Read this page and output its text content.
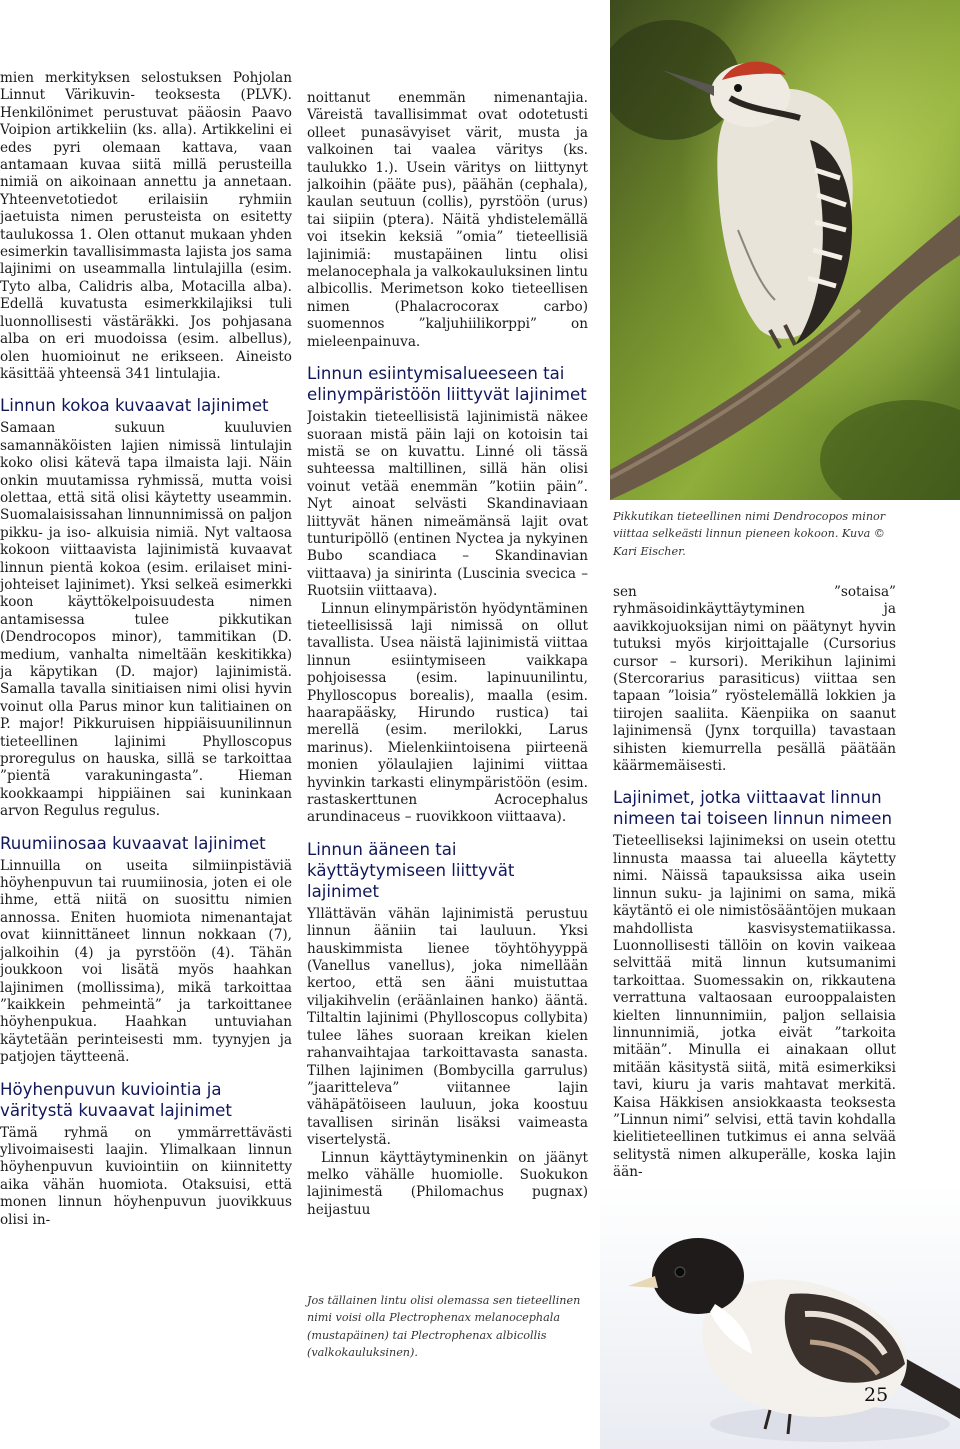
mien merkityksen selostuksen Pohjolan Linnut Värikuvin- teoksesta (PLVK). Henkilönimet perustuvat pääosin Paavo Voipion artikkeliin (ks. alla). Artikkelini ei edes pyri olemaan kattava, vaan antamaan kuvaa siitä millä perusteilla nimiä on aikoinaan annettu ja annetaan. Yhteenvetotiedot erilaisiin ryhmiin jaetuista nimen perusteista on esitetty taulukossa 1. Olen ottanut mukaan yhden esimerkin tavallisimmasta lajista jos sama lajinimi on useammalla lintulajilla (esim. Tyto alba, Calidris alba, Motacilla alba). Edellä kuvatusta esimerkkilajiksi tuli luonnollisesti västäräkki. Jos pohjasana alba on eri muodoissa (esim. albellus), olen huomioinut ne erikseen. Aineisto käsittää yhteensä 341 lintulajia.

Linnun kokoa kuvaavat lajinimet

Samaan sukuun kuuluvien samannäköisten lajien nimissä lintulajin koko olisi kätevä tapa ilmaista laji. Näin onkin muutamissa ryhmissä, mutta voisi olettaa, että sitä olisi käytetty useammin. Suomalaisissahan linnunnimissä on paljon pikku- ja iso- alkuisia nimiä. Nyt valtaosa kokoon viittaavista lajinimistä kuvaavat linnun pientä kokoa (esim. erilaiset mini-johteiset lajinimet). Yksi selkeä esimerkki koon käyttökelpoisuudesta nimen antamisessa tulee pikkutikan (Dendrocopos minor), tammitikan (D. medium, vanhalta nimeltään keskitikka) ja käpytikan (D. major) lajinimistä. Samalla tavalla sinitiaisen nimi olisi hyvin voinut olla Parus minor kun talitiainen on P. major! Pikkuruisen hippiäisuunilinnun tieteellinen lajinimi Phylloscopus proregulus on hauska, sillä se tarkoittaa ”pientä varakuningasta”. Hieman kookkaampi hippiäinen sai kuninkaan arvon Regulus regulus.

Ruumiinosaa kuvaavat lajinimet

Linnuilla on useita silmiinpistäviä höyhenpuvun tai ruumiinosia, joten ei ole ihme, että niitä on suosittu nimien annossa. Eniten huomiota nimenantajat ovat kiinnittäneet linnun nokkaan (7), jalkoihin (4) ja pyrstöön (4). Tähän joukkoon voi lisätä myös haahkan lajinimen (mollissima), mikä tarkoittaa ”kaikkein pehmeintä” ja tarkoittanee höyhenpukua. Haahkan untuviahan käytetään perinteisesti mm. tyynyjen ja patjojen täytteenä.

Höyhenpuvun kuviointia ja väritystä kuvaavat lajinimet

Tämä ryhmä on ymmärrettävästi ylivoimaisesti laajin. Ylimalkaan linnun höyhenpuvun kuviointiin on kiinnitetty aika vähän huomiota. Otaksuisi, että monen linnun höyhenpuvun juovikkuus olisi in-

noittanut enemmän nimenantajia. Väreistä tavallisimmat ovat odotetusti olleet punasävyiset värit, musta ja valkoinen tai vaalea väritys (ks. taulukko 1.). Usein väritys on liittynyt jalkoihin (pääte pus), päähän (cephala), kaulan seutuun (collis), pyrstöön (urus) tai siipiin (ptera). Näitä yhdistelemällä voi itsekin keksiä ”omia” tieteellisiä lajinimiä: mustapäinen lintu olisi melanocephala ja valkokauluksinen lintu albicollis. Merimetson koko tieteellisen nimen (Phalacrocorax carbo) suomennos ”kaljuhiilikorppi” on mieleenpainuva.

Linnun esiintymisalueeseen tai elinympäristöön liittyvät lajinimet

Joistakin tieteellisistä lajinimistä näkee suoraan mistä päin laji on kotoisin tai mistä se on kuvattu. Linné oli tässä suhteessa maltillinen, sillä hän olisi voinut vetää enemmän ”kotiin päin”. Nyt ainoat selvästi Skandinaviaan liittyvät hänen nimeämänsä lajit ovat tunturipöllö (entinen Nyctea ja nykyinen Bubo scandiaca – Skandinavian viittaava) ja sinirinta (Luscinia svecica – Ruotsiin viittaava).

Linnun elinympäristön hyödyntäminen tieteellisissä laji nimissä on ollut tavallista. Usea näistä lajinimistä viittaa linnun esiintymiseen vaikkapa pohjoisessa (esim. lapinuunilintu, Phylloscopus borealis), maalla (esim. haarapääsky, Hirundo rustica) tai merellä (esim. merilokki, Larus marinus). Mielenkiintoisena piirteenä monien yölaulajien lajinimi viittaa hyvinkin tarkasti elinympäristöön (esim. rastaskerttunen Acrocephalus arundinaceus – ruovikkoon viittaava).

Linnun ääneen tai käyttäytymiseen liittyvät lajinimet

Yllättävän vähän lajinimistä perustuu linnun ääniin tai lauluun. Yksi hauskimmista lienee töyhtöhyyppä (Vanellus vanellus), joka nimellään kertoo, että sen ääni muistuttaa viljakihvelin (eräänlainen hanko) ääntä. Tiltaltin lajinimi (Phylloscopus collybita) tulee lähes suoraan kreikan kielen rahanvaihtajaa tarkoittavasta sanasta. Tilhen lajinimen (Bombycilla garrulus) ”jaaritteleva” viitannee lajin vähäpätöiseen lauluun, joka koostuu tavallisen sirinän lisäksi vaimeasta visertelystä.

Linnun käyttäytyminenkin on jäänyt melko vähälle huomiolle. Suokukon lajinimestä (Philomachus pugnax) heijastuu

Pikkutikan tieteellinen nimi Dendrocopos minor viittaa selkeästi linnun pieneen kokoon. Kuva © Kari Eischer.

sen ”sotaisa” ryhmäsoidinkäyttäytyminen ja aavikkojuoksijan nimi on päätynyt hyvin tutuksi myös kirjoittajalle (Cursorius cursor – kursori). Merikihun lajinimi (Stercorarius parasiticus) viittaa sen tapaan ”loisia” ryöstelemällä lokkien ja tiirojen saaliita. Käenpiika on saanut lajinimensä (Jynx torquilla) tavastaan sihisten kiemurrella pesällä päätään käärmemäisesti.

Lajinimet, jotka viittaavat linnun nimeen tai toiseen linnun nimeen

Tieteelliseksi lajinimeksi on usein otettu linnusta maassa tai alueella käytetty nimi. Näissä tapauksissa aika usein linnun suku- ja lajinimi on sama, mikä käytäntö ei ole nimistösääntöjen mukaan mahdollista kasvisystematiikassa. Luonnollisesti tällöin on kovin vaikeaa selvittää mitä linnun kutsumanimi tarkoittaa. Suomessakin on, rikkautena verrattuna valtaosaan eurooppalaisten kielten linnunnimiin, paljon sellaisia linnunnimiä, jotka eivät ”tarkoita mitään”. Minulla ei ainakaan ollut mitään käsitystä siitä, mitä esimerkiksi tavi, kiuru ja varis mahtavat merkitä. Kaisa Häkkisen ansiokkaasta teoksesta ”Linnun nimi” selvisi, että tavin kohdalla kielitieteellinen tutkimus ei anna selvää selitystä nimen alkuperälle, koska lajin ään-

Jos tällainen lintu olisi olemassa sen tieteellinen nimi voisi olla Plectrophenax melanocephala (mustapäinen) tai Plectrophenax albicollis (valkokauluksinen).
25
